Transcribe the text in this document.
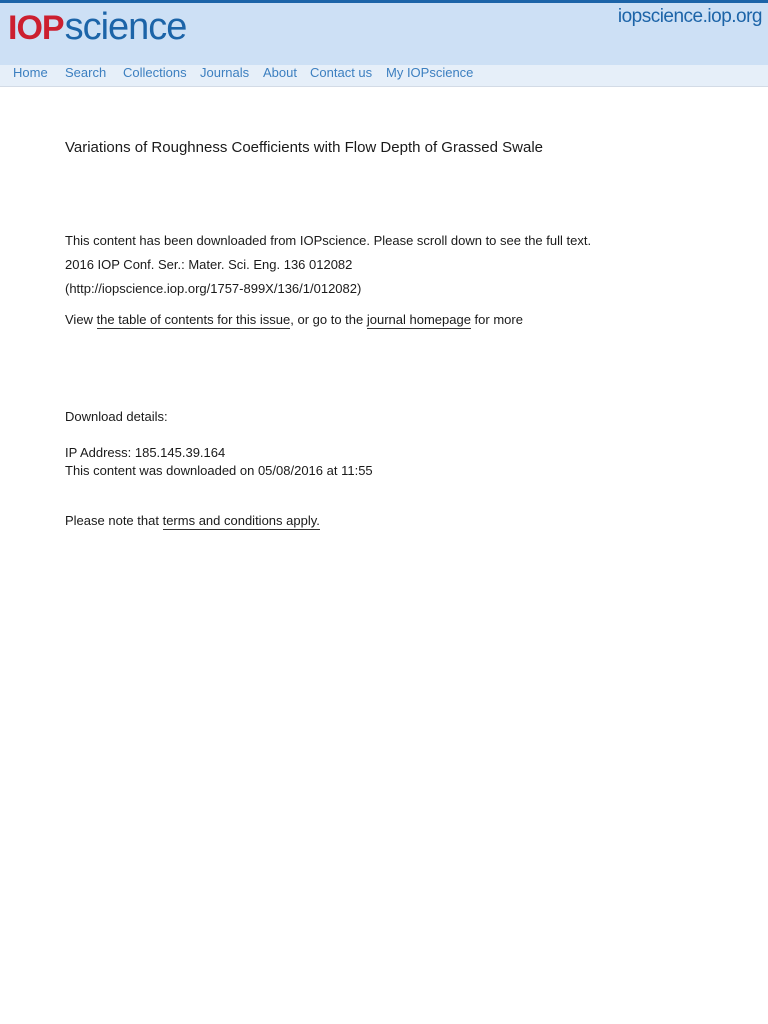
IOP science	iopscience.iop.org
Home Search Collections Journals About Contact us My IOPscience
Variations of Roughness Coefficients with Flow Depth of Grassed Swale
This content has been downloaded from IOPscience. Please scroll down to see the full text.
2016 IOP Conf. Ser.: Mater. Sci. Eng. 136 012082
(http://iopscience.iop.org/1757-899X/136/1/012082)
View the table of contents for this issue, or go to the journal homepage for more
Download details:
IP Address: 185.145.39.164
This content was downloaded on 05/08/2016 at 11:55
Please note that terms and conditions apply.
